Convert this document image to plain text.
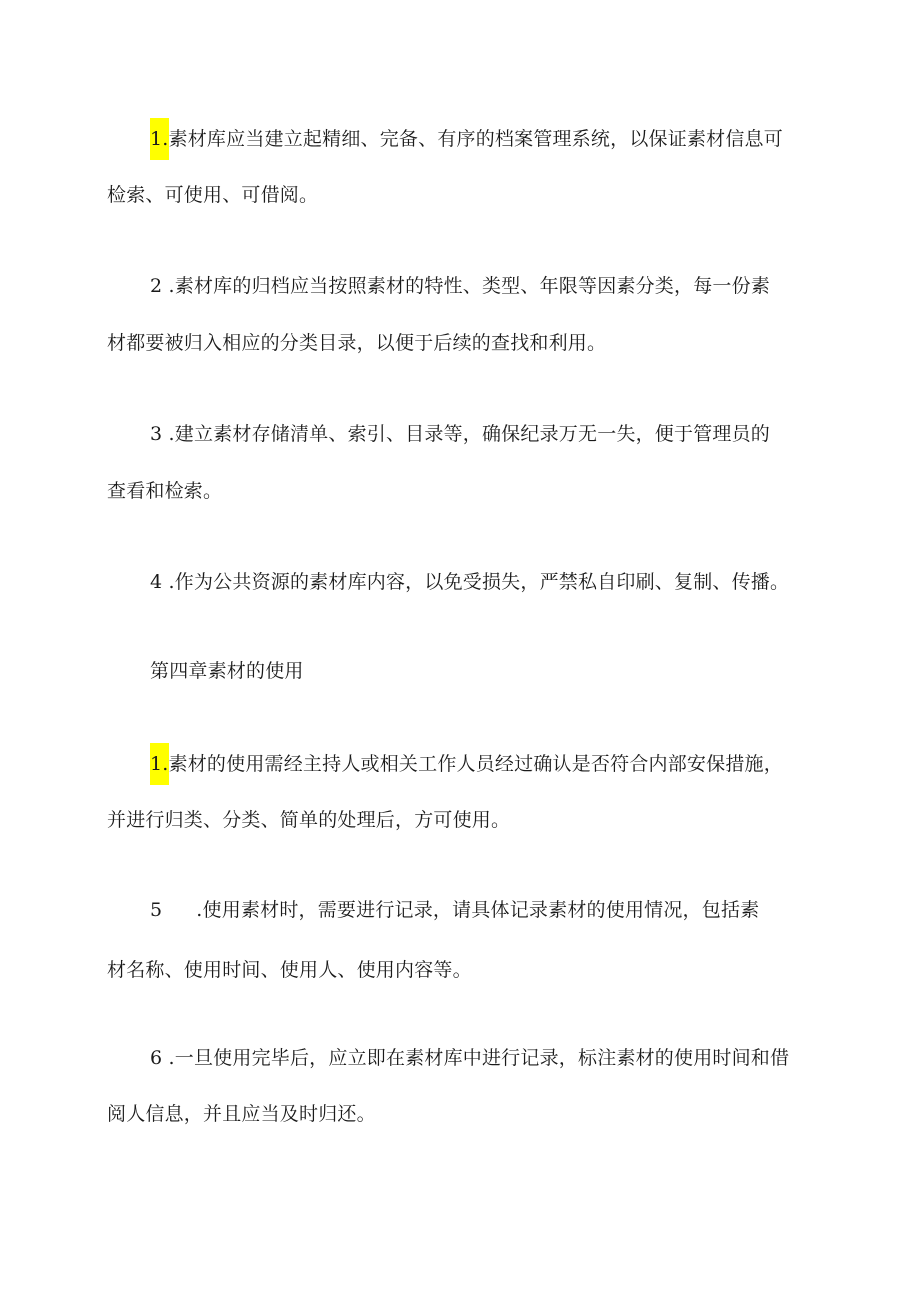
1.素材库应当建立起精细、完备、有序的档案管理系统，以保证素材信息可
检索、可使用、可借阅。
2 .素材库的归档应当按照素材的特性、类型、年限等因素分类，每一份素
材都要被归入相应的分类目录，以便于后续的查找和利用。
3 .建立素材存储清单、索引、目录等，确保纪录万无一失，便于管理员的
查看和检索。
4 .作为公共资源的素材库内容，以免受损失，严禁私自印刷、复制、传播。
第四章素材的使用
1.素材的使用需经主持人或相关工作人员经过确认是否符合内部安保措施，
并进行归类、分类、简单的处理后，方可使用。
5 .使用素材时，需要进行记录，请具体记录素材的使用情况，包括素
材名称、使用时间、使用人、使用内容等。
6 .一旦使用完毕后，应立即在素材库中进行记录，标注素材的使用时间和借
阅人信息，并且应当及时归还。
